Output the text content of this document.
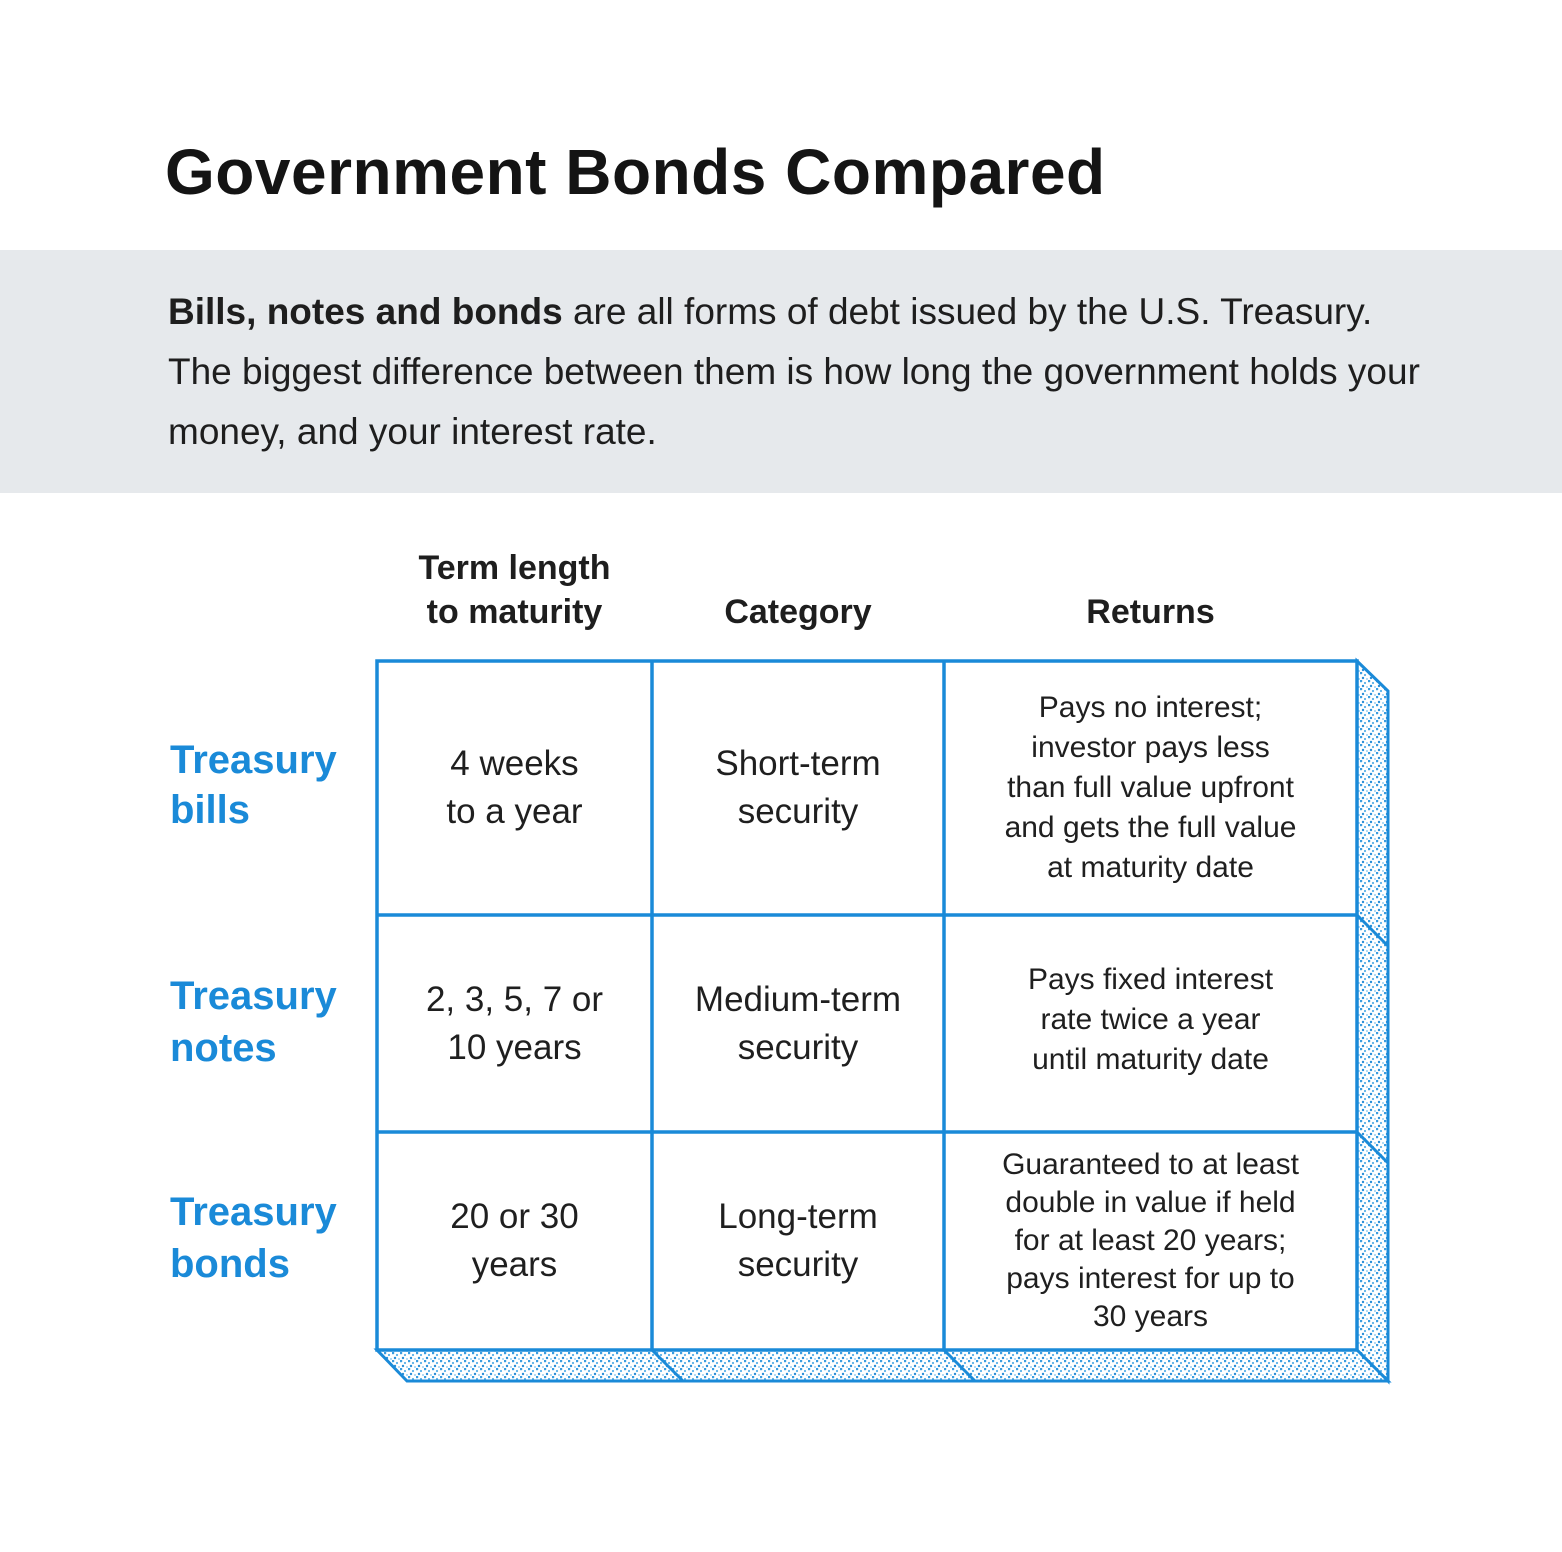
Government Bonds Compared
Bills, notes and bonds are all forms of debt issued by the U.S. Treasury. The biggest difference between them is how long the government holds your money, and your interest rate.
Term length
to maturity	Category	Returns
Treasury
bills
Treasury
notes
Treasury
bonds
4 weeks
to a year
Short-term
security
Pays no interest;
investor pays less
than full value upfront
and gets the full value
at maturity date
2, 3, 5, 7 or
10 years
Medium-term
security
Pays fixed interest
rate twice a year
until maturity date
20 or 30
years
Long-term
security
Guaranteed to at least
double in value if held
for at least 20 years;
pays interest for up to
30 years
